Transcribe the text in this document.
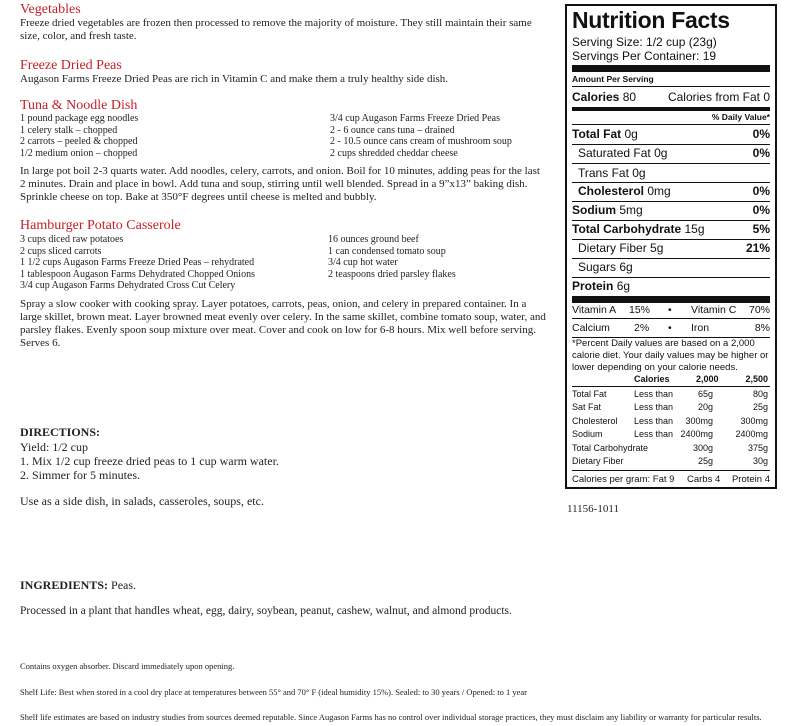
Vegetables
Freeze dried vegetables are frozen then processed to remove the majority of moisture. They still maintain their same
size, color, and fresh taste.
Freeze Dried Peas
Augason Farms Freeze Dried Peas are rich in Vitamin C and make them a truly healthy side dish.
Tuna & Noodle Dish
1 pound package egg noodles
1 celery stalk – chopped
2 carrots – peeled & chopped
1/2 medium onion – chopped
3/4 cup Augason Farms Freeze Dried Peas
2 - 6 ounce cans tuna – drained
2 - 10.5 ounce cans cream of mushroom soup
2 cups shredded cheddar cheese
In large pot boil 2-3 quarts water. Add noodles, celery, carrots, and onion. Boil for 10 minutes, adding peas for the last
2 minutes. Drain and place in bowl. Add tuna and soup, stirring until well blended. Spread in a 9”x13” baking dish.
Sprinkle cheese on top. Bake at 350°F degrees until cheese is melted and bubbly.
Hamburger Potato Casserole
3 cups diced raw potatoes
2 cups sliced carrots
1 1/2 cups Augason Farms Freeze Dried Peas – rehydrated
1 tablespoon Augason Farms Dehydrated Chopped Onions
3/4 cup Augason Farms Dehydrated Cross Cut Celery
16 ounces ground beef
1 can condensed tomato soup
3/4 cup hot water
2 teaspoons dried parsley flakes
Spray a slow cooker with cooking spray. Layer potatoes, carrots, peas, onion, and celery in prepared container. In a
large skillet, brown meat. Layer browned meat evenly over celery. In the same skillet, combine tomato soup, water, and
parsley flakes. Evenly spoon soup mixture over meat. Cover and cook on low for 6-8 hours. Mix well before serving.
Serves 6.
DIRECTIONS:
Yield: 1/2 cup
1. Mix 1/2 cup freeze dried peas to 1 cup warm water.
2. Simmer for 5 minutes.
Use as a side dish, in salads, casseroles, soups, etc.
11156-1011
INGREDIENTS: Peas.
Processed in a plant that handles wheat, egg, dairy, soybean, peanut, cashew, walnut, and almond products.
Contains oxygen absorber. Discard immediately upon opening.
Shelf Life: Best when stored in a cool dry place at temperatures between 55° and 70° F (ideal humidity 15%). Sealed: to 30 years / Opened: to 1 year
Shelf life estimates are based on industry studies from sources deemed reputable. Since Augason Farms has no control over individual storage practices, they must disclaim any liability or warranty for particular results.
Nutrition Facts
Serving Size: 1/2 cup (23g)
Servings Per Container: 19
Amount Per Serving
Calories 80	Calories from Fat 0
% Daily Value*
Total Fat 0g	0%
Saturated Fat 0g	0%
Trans Fat 0g
Cholesterol 0mg	0%
Sodium 5mg	0%
Total Carbohydrate 15g	5%
Dietary Fiber 5g	21%
Sugars 6g
Protein 6g
Vitamin A 15% • Vitamin C 70%
Calcium 2% • Iron	8%
*Percent Daily values are based on a 2,000
calorie diet. Your daily values may be higher or
lower depending on your calorie needs.
Calories	2,000	2,500
Total Fat	Less than	65g	80g
Sat Fat	Less than	20g	25g
Cholesterol Less than 300mg	300mg
Sodium	Less than 2400mg 2400mg
Total Carbohydrate	300g	375g
Dietary Fiber	25g	30g
Calories per gram: Fat 9 Carbs 4 Protein 4
